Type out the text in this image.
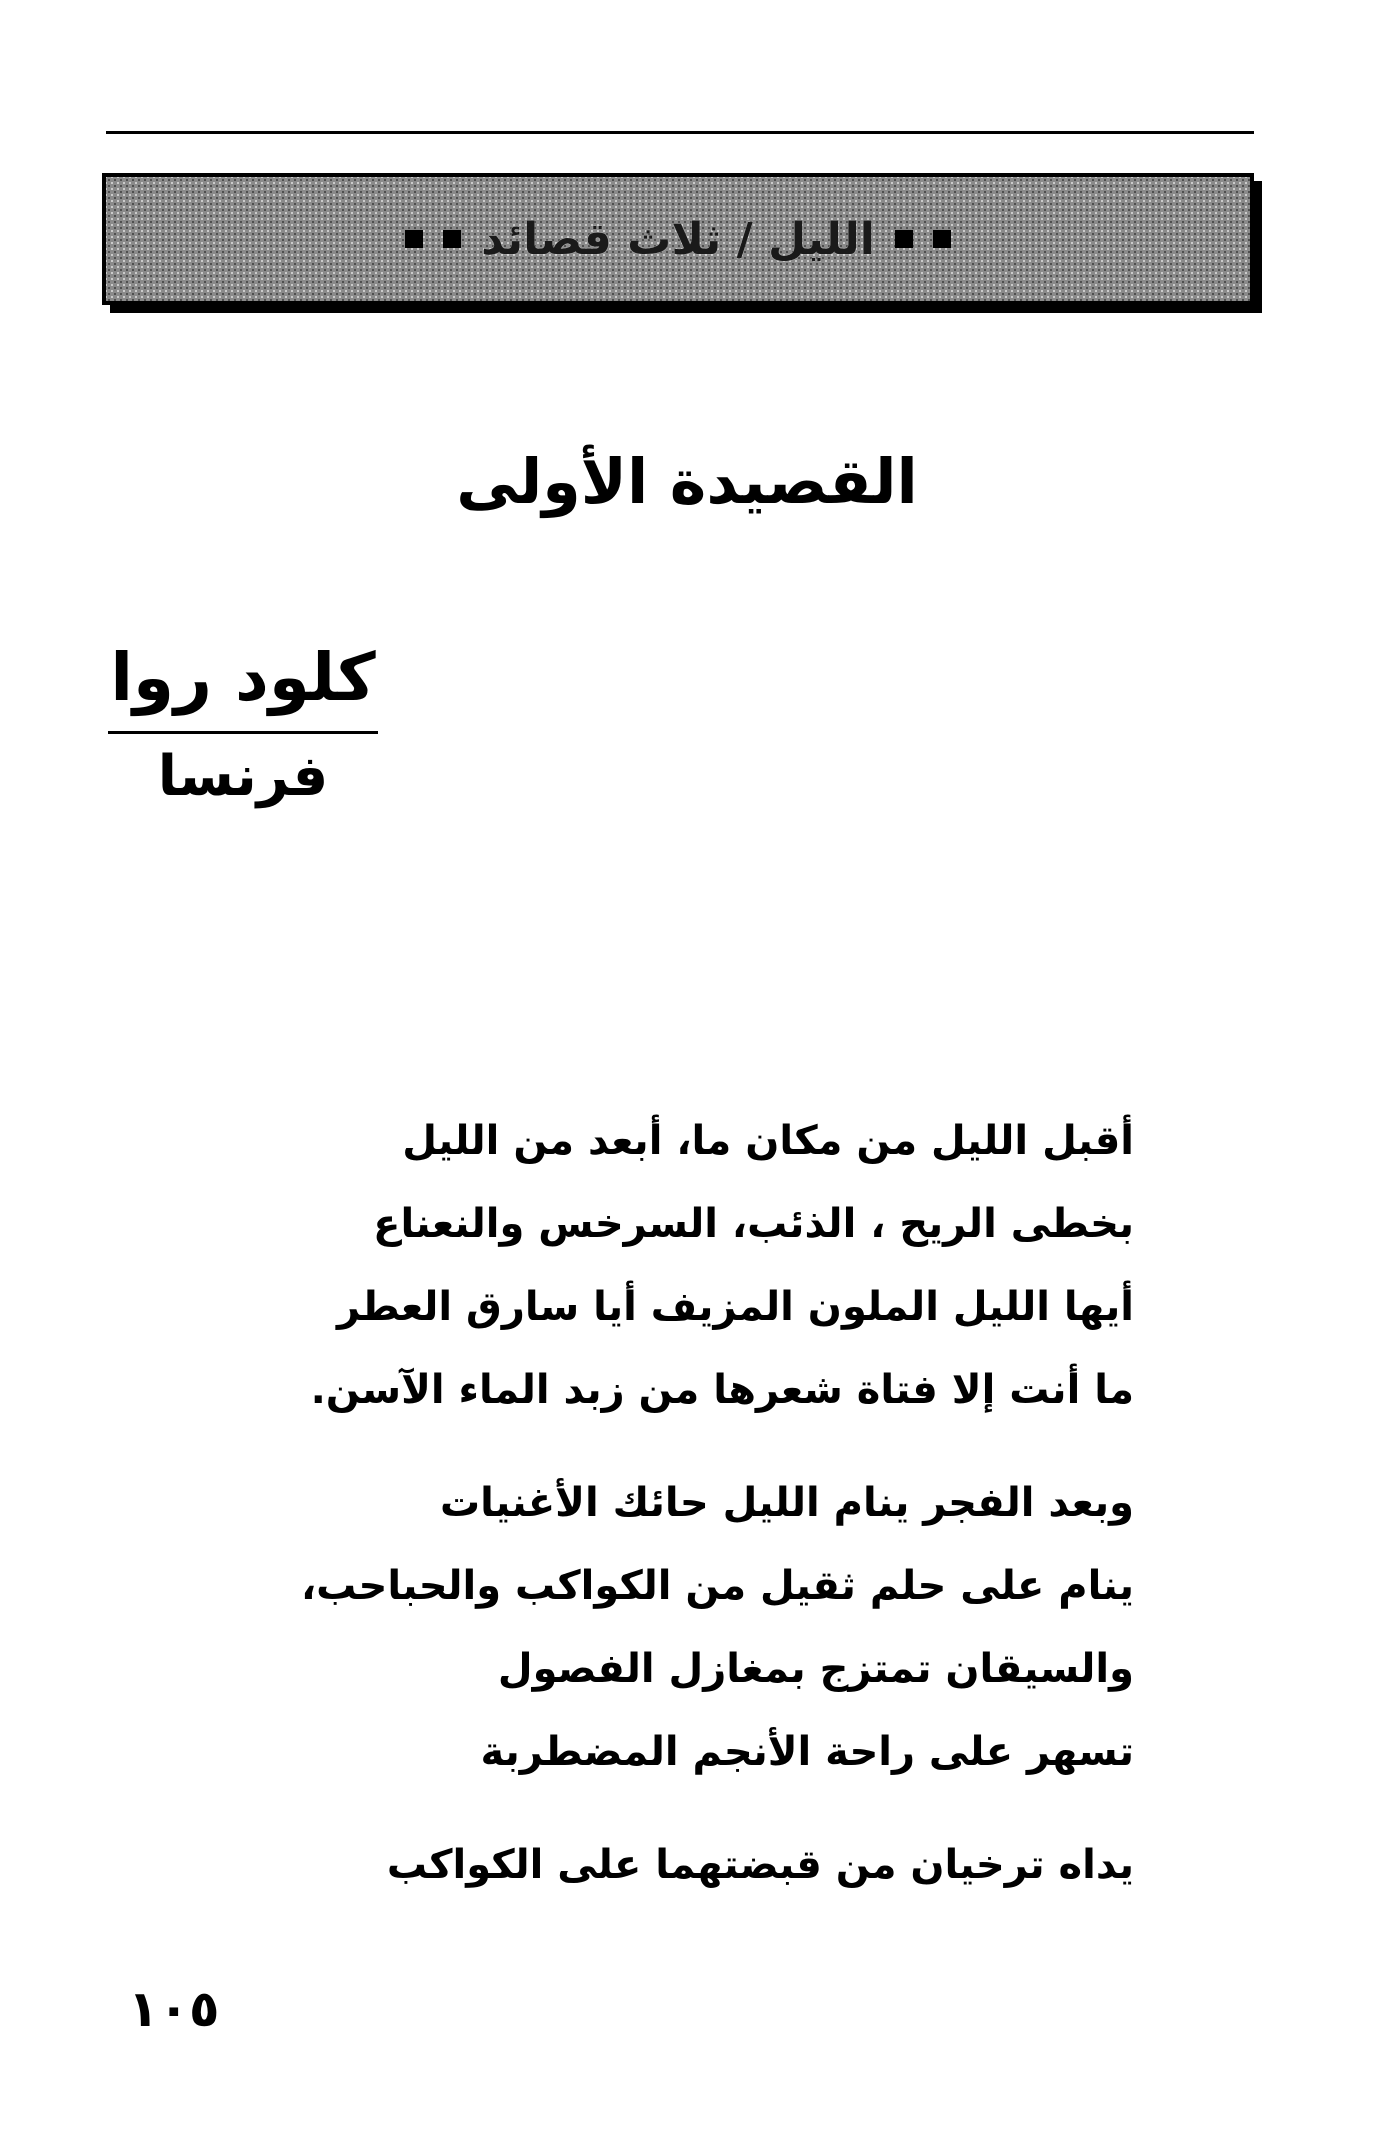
الليل / ثلاث قصائد
القصيدة الأولى
كلود روا
فرنسا
أقبل الليل من مكان ما، أبعد من الليل
بخطى الريح ، الذئب، السرخس والنعناع
أيها الليل الملون المزيف أيا سارق العطر
ما أنت إلا فتاة شعرها من زبد الماء الآسن.
وبعد الفجر ينام الليل حائك الأغنيات
ينام على حلم ثقيل من الكواكب والحباحب،
والسيقان تمتزج بمغازل الفصول
تسهر على راحة الأنجم المضطربة
يداه ترخيان من قبضتهما على الكواكب
١٠٥
